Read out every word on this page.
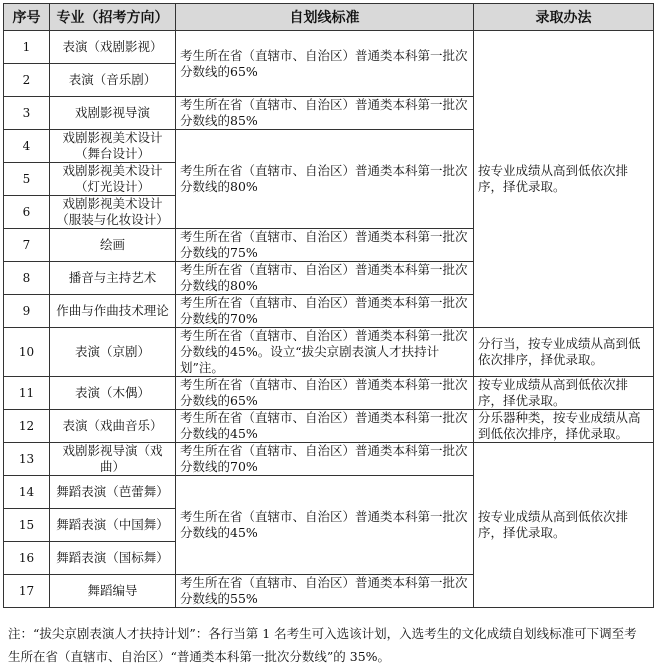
序号	专业（招考方向）	自划线标准	录取办法
1	表演（戏剧影视）	考生所在省（直辖市、自治区）普通类本科第一批次分数线的65%	按专业成绩从高到低依次排序，择优录取。
2	表演（音乐剧）		
3	戏剧影视导演	考生所在省（直辖市、自治区）普通类本科第一批次分数线的85%	
4	戏剧影视美术设计（舞台设计）	考生所在省（直辖市、自治区）普通类本科第一批次分数线的80%	
5	戏剧影视美术设计（灯光设计）		
6	戏剧影视美术设计（服装与化妆设计）		
7	绘画	考生所在省（直辖市、自治区）普通类本科第一批次分数线的75%	
8	播音与主持艺术	考生所在省（直辖市、自治区）普通类本科第一批次分数线的80%	
9	作曲与作曲技术理论	考生所在省（直辖市、自治区）普通类本科第一批次分数线的70%	
10	表演（京剧）	考生所在省（直辖市、自治区）普通类本科第一批次分数线的45%。设立“拔尖京剧表演人才扶持计划”注。	分行当，按专业成绩从高到低依次排序，择优录取。
11	表演（木偶）	考生所在省（直辖市、自治区）普通类本科第一批次分数线的65%	按专业成绩从高到低依次排序，择优录取。
12	表演（戏曲音乐）	考生所在省（直辖市、自治区）普通类本科第一批次分数线的45%	分乐器种类，按专业成绩从高到低依次排序，择优录取。
13	戏剧影视导演（戏曲）	考生所在省（直辖市、自治区）普通类本科第一批次分数线的70%	按专业成绩从高到低依次排序，择优录取。
14	舞蹈表演（芭蕾舞）	考生所在省（直辖市、自治区）普通类本科第一批次分数线的45%	
15	舞蹈表演（中国舞）		
16	舞蹈表演（国标舞）		
17	舞蹈编导	考生所在省（直辖市、自治区）普通类本科第一批次分数线的55%	
注：“拔尖京剧表演人才扶持计划”：各行当第 1 名考生可入选该计划，入选考生的文化成绩自划线标准可下调至考生所在省（直辖市、自治区）“普通类本科第一批次分数线”的 35%。
